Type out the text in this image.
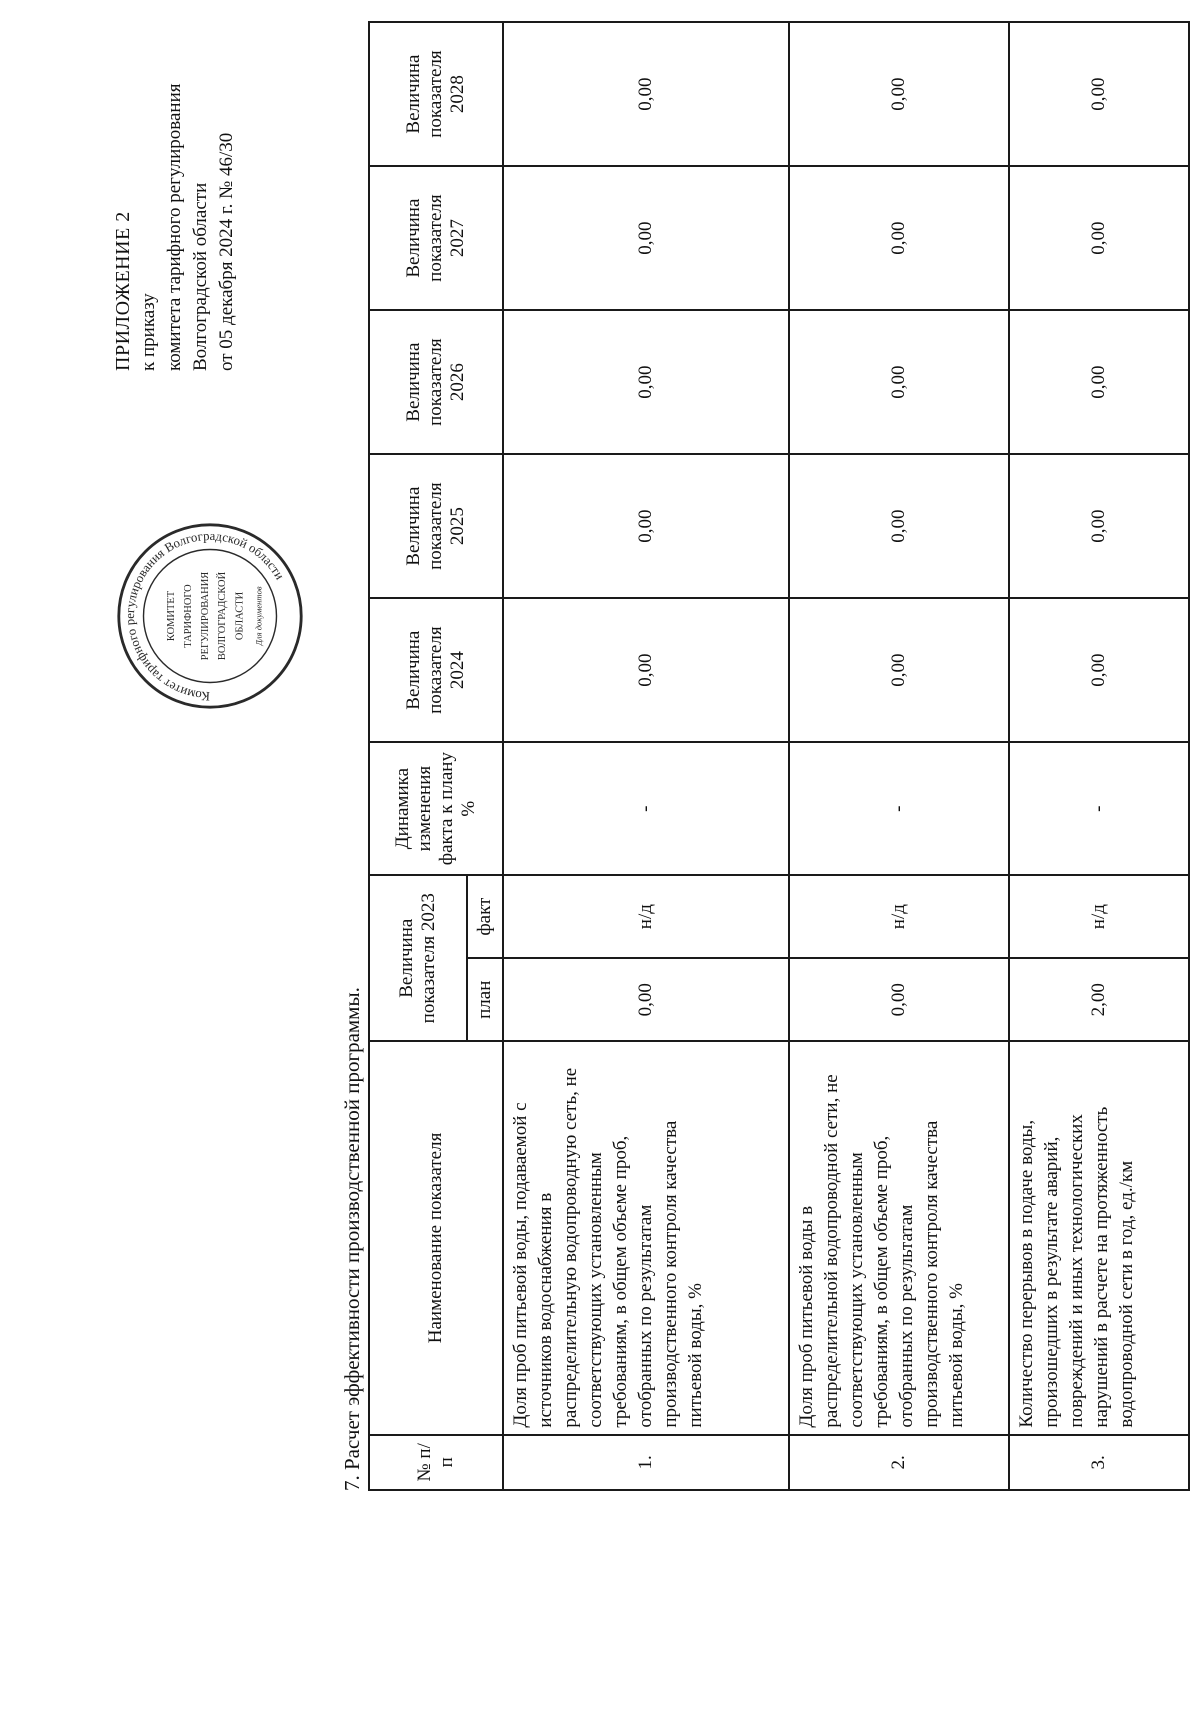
ПРИЛОЖЕНИЕ 2 к приказу комитета тарифного регулирования Волгоградской области от 05 декабря 2024 г. № 46/30
Комитет тарифного регулирования Волгоградской области
КОМИТЕТ ТАРИФНОГО РЕГУЛИРОВАНИЯ ВОЛГОГРАДСКОЙ ОБЛАСТИ Для документов
7. Расчет эффективности производственной программы.	№ п/п	Наименование показателя	Величина показателя 2023		Динамика изменения факта к плану %	Величина показателя 2024	Величина показателя 2025	Величина показателя 2026	Величина показателя 2027	Величина показателя 2028
		план	факт						
1.	Доля проб питьевой воды, подаваемой с источников водоснабжения в распределительную водопроводную сеть, не соответствующих установленным требованиям, в общем объеме проб, отобранных по результатам производственного контроля качества питьевой воды, %	0,00	н/д	-	0,00	0,00	0,00	0,00	0,00
2.	Доля проб питьевой воды в распределительной водопроводной сети, не соответствующих установленным требованиям, в общем объеме проб, отобранных по результатам производственного контроля качества питьевой воды, %	0,00	н/д	-	0,00	0,00	0,00	0,00	0,00
3.	Количество перерывов в подаче воды, произошедших в результате аварий, повреждений и иных технологических нарушений в расчете на протяженность водопроводной сети в год, ед./км	2,00	н/д	-	0,00	0,00	0,00	0,00	0,00
